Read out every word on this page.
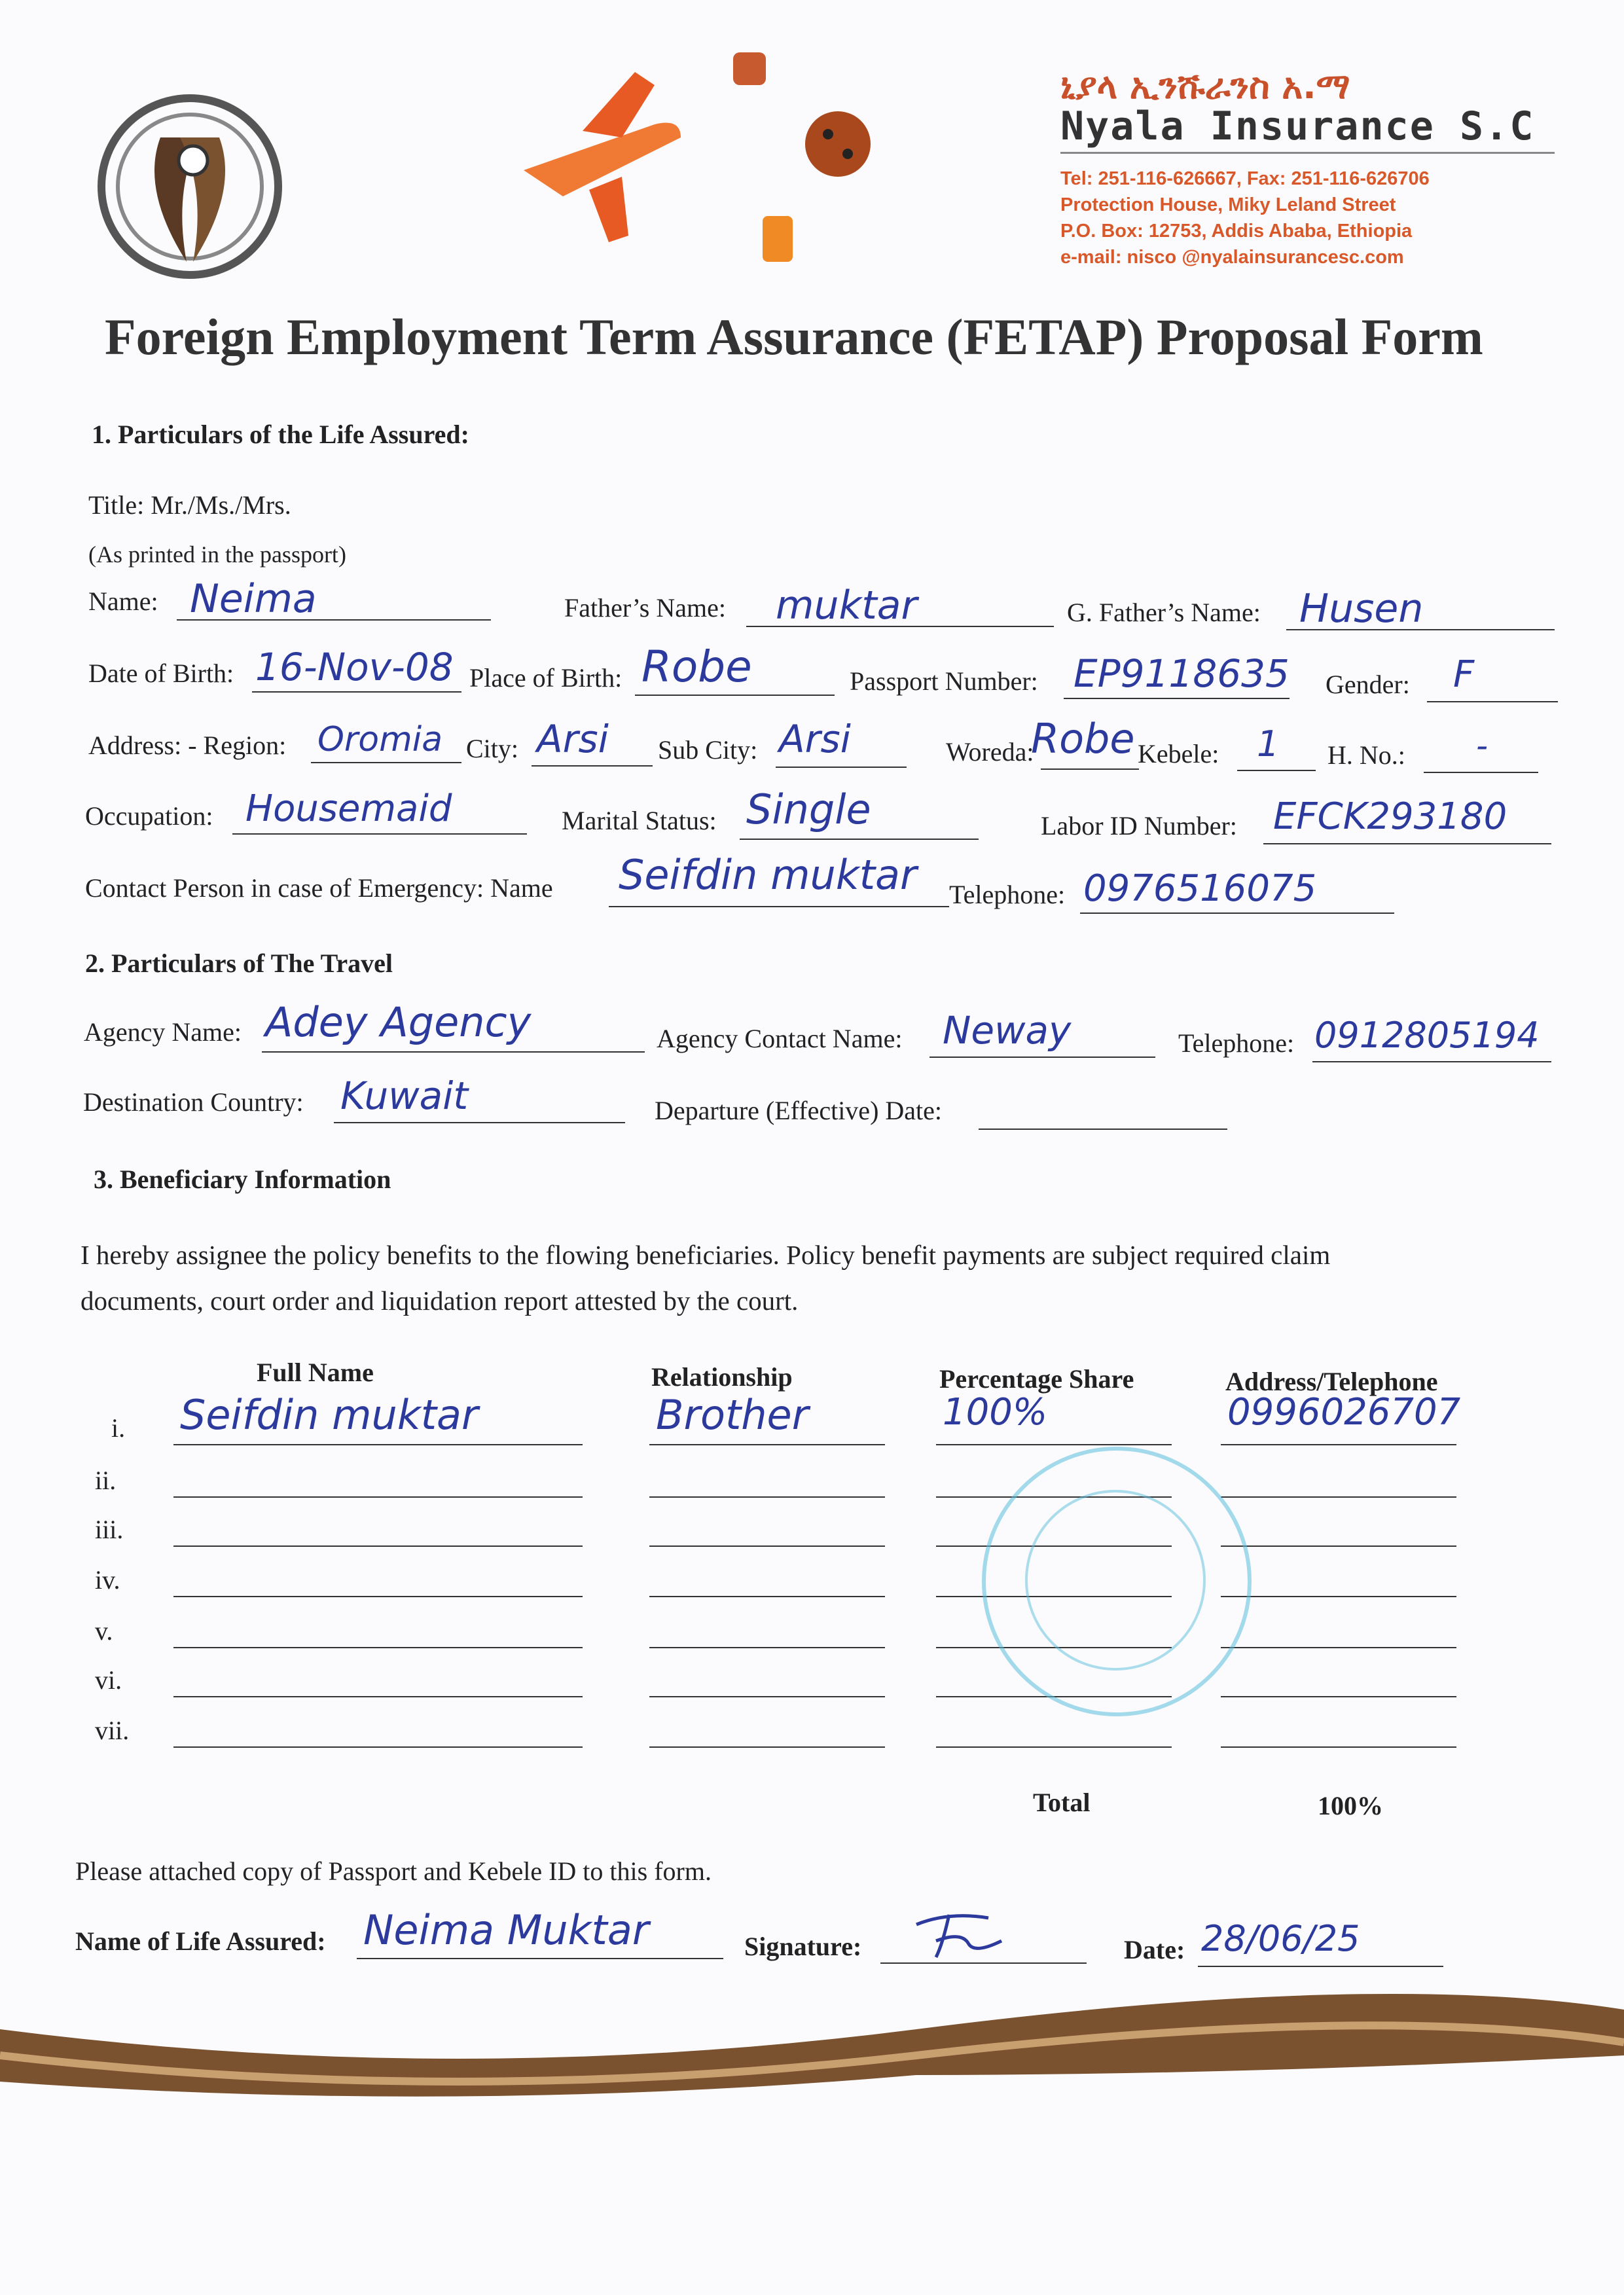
ኒያላ ኢንሹራንስ አ.ማ
Nyala Insurance S.C
Tel: 251-116-626667, Fax: 251-116-626706
Protection House, Miky Leland Street
P.O. Box: 12753, Addis Ababa, Ethiopia
e-mail: nisco @nyalainsurancesc.com
Foreign Employment Term Assurance (FETAP) Proposal Form
1. Particulars of the Life Assured:
Title: Mr./Ms./Mrs.
(As printed in the passport)
Name: Neima	Father’s Name: muktar	G. Father’s Name: Husen
Date of Birth: 16-Nov-08 Place of Birth: Robe	Passport Number: EP9118635 Gender: F
Address: - Region: Oromia City: Arsi Sub City: Arsi	Woreda:
Robe Kebele: 1 H. No.: -
Occupation: Housemaid	Marital Status: Single	Labor ID Number: EFCK293180
Contact Person in case of Emergency: Name Seifdin muktar Telephone: 0976516075
2. Particulars of The Travel
Agency Name: Adey Agency	Agency Contact Name: Neway	Telephone: 0912805194
Destination Country: Kuwait	Departure (Effective) Date:
3. Beneficiary Information
I hereby assignee the policy benefits to the flowing beneficiaries. Policy benefit payments are subject required claim
documents, court order and liquidation report attested by the court.
Full Name	Relationship	Percentage Share	Address/Telephone
i. Seifdin muktar	Brother	100%	0996026707
ii.
iii.
iv.
v.
vi.
vii.
Total	100%
Please attached copy of Passport and Kebele ID to this form.
Name of Life Assured: Neima Muktar	Signature:	Date: 28/06/25
